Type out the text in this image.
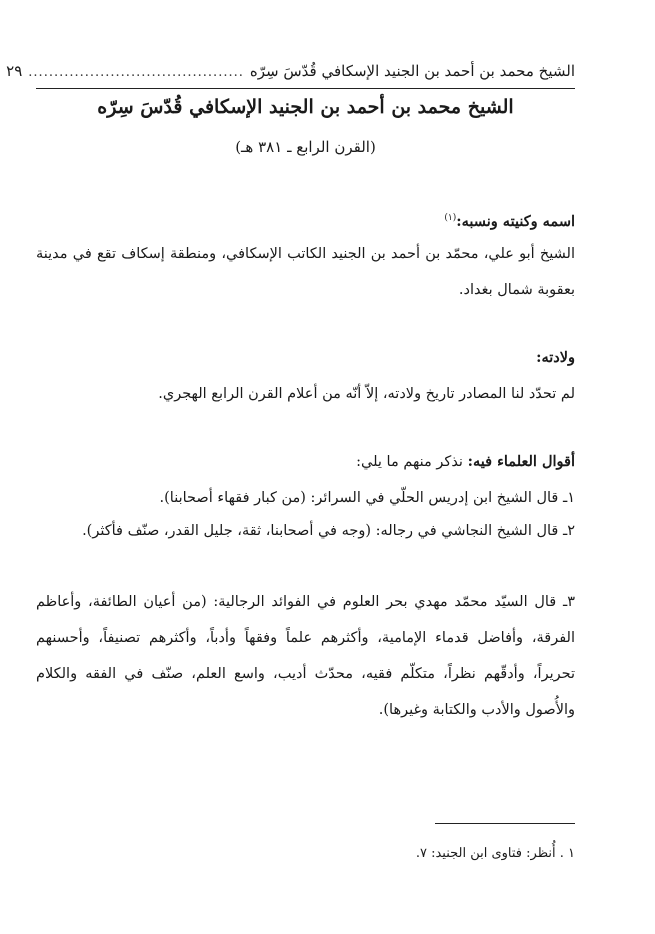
الشيخ محمد بن أحمد بن الجنيد الإسكافي قُدّسَ سِرّه
..........................................
٢٩
الشيخ محمد بن أحمد بن الجنيد الإسكافي قُدّسَ سِرّه
(القرن الرابع ـ ٣٨١ هـ)
اسمه وكنيته ونسبه:$^{(١)}$
الشيخ أبو علي، محمّد بن أحمد بن الجنيد الكاتب الإسكافي، ومنطقة إسكاف تقع في مدينة بعقوبة شمال بغداد.
ولادته:
لم تحدّد لنا المصادر تاريخ ولادته، إلاّ أنّه من أعلام القرن الرابع الهجري.
أقوال العلماء فيه: نذكر منهم ما يلي:
١ـ قال الشيخ ابن إدريس الحلّي في السرائر: (من كبار فقهاء أصحابنا).
٢ـ قال الشيخ النجاشي في رجاله: (وجه في أصحابنا، ثقة، جليل القدر، صنّف فأكثر).
٣ـ قال السيّد محمّد مهدي بحر العلوم في الفوائد الرجالية: (من أعيان الطائفة، وأعاظم الفرقة، وأفاضل قدماء الإمامية، وأكثرهم علماً وفقهاً وأدباً، وأكثرهم تصنيفاً، وأحسنهم تحريراً، وأدقّهم نظراً، متكلّم فقيه، محدّث أديب، واسع العلم، صنّف في الفقه والكلام والأُصول والأدب والكتابة وغيرها).
١ . أُنظر: فتاوى ابن الجنيد: ٧.
